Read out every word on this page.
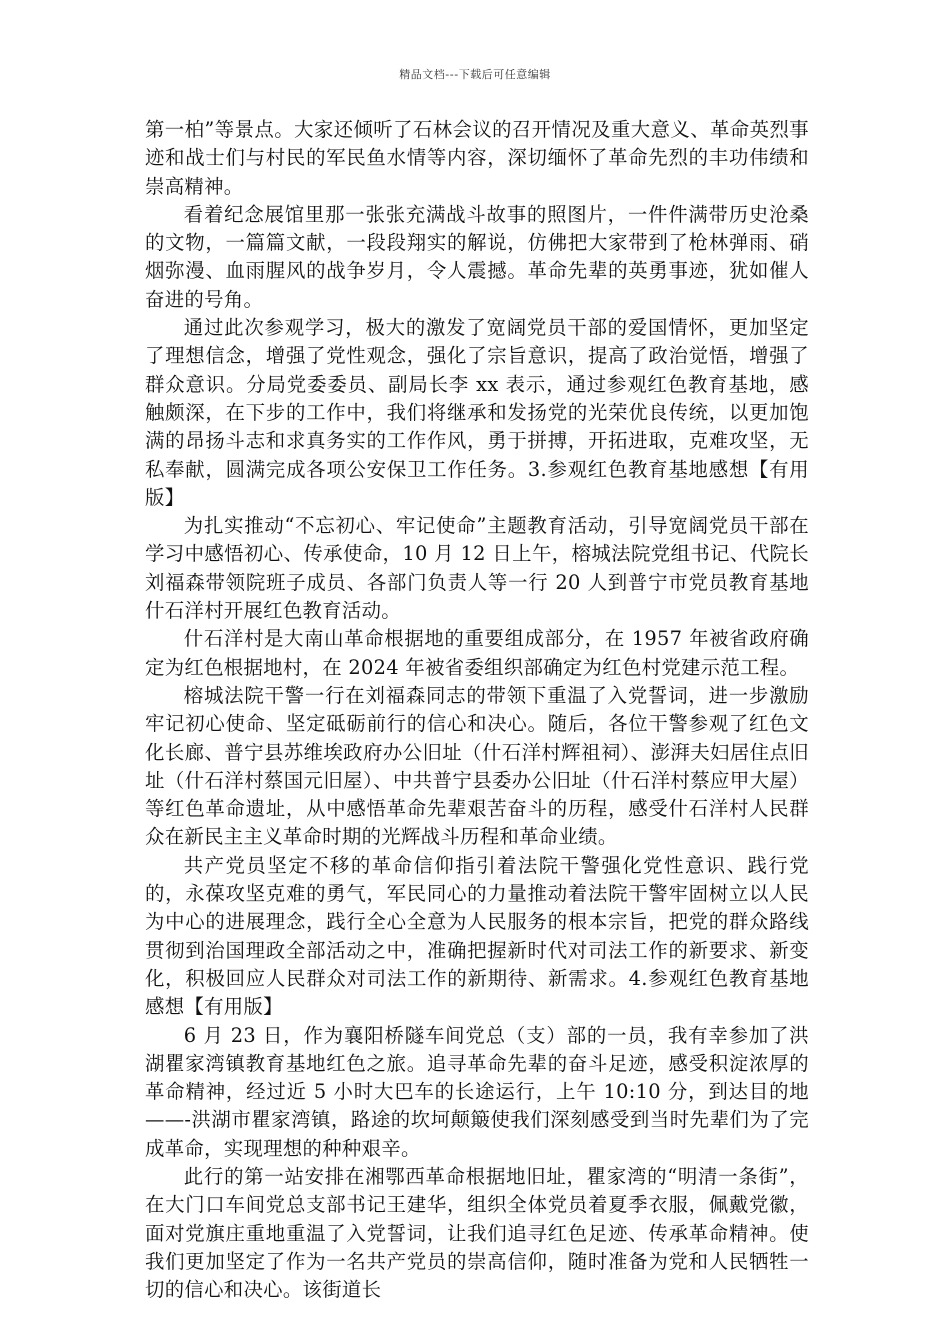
精品文档---下载后可任意编辑

第一柏”等景点。大家还倾听了石林会议的召开情况及重大意义、革命英烈事迹和战士们与村民的军民鱼水情等内容，深切缅怀了革命先烈的丰功伟绩和崇高精神。

看着纪念展馆里那一张张充满战斗故事的照图片，一件件满带历史沧桑的文物，一篇篇文献，一段段翔实的解说，仿佛把大家带到了枪林弹雨、硝烟弥漫、血雨腥风的战争岁月，令人震撼。革命先辈的英勇事迹，犹如催人奋进的号角。

通过此次参观学习，极大的激发了宽阔党员干部的爱国情怀，更加坚定了理想信念，增强了党性观念，强化了宗旨意识，提高了政治觉悟，增强了群众意识。分局党委委员、副局长李 xx 表示，通过参观红色教育基地，感触颇深，在下步的工作中，我们将继承和发扬党的光荣优良传统，以更加饱满的昂扬斗志和求真务实的工作作风，勇于拼搏，开拓进取，克难攻坚，无私奉献，圆满完成各项公安保卫工作任务。3.参观红色教育基地感想【有用版】

为扎实推动“不忘初心、牢记使命”主题教育活动，引导宽阔党员干部在学习中感悟初心、传承使命，10 月 12 日上午，榕城法院党组书记、代院长刘福森带领院班子成员、各部门负责人等一行 20 人到普宁市党员教育基地什石洋村开展红色教育活动。

什石洋村是大南山革命根据地的重要组成部分，在 1957 年被省政府确定为红色根据地村，在 2024 年被省委组织部确定为红色村党建示范工程。

榕城法院干警一行在刘福森同志的带领下重温了入党誓词，进一步激励牢记初心使命、坚定砥砺前行的信心和决心。随后，各位干警参观了红色文化长廊、普宁县苏维埃政府办公旧址（什石洋村辉祖祠）、澎湃夫妇居住点旧址（什石洋村蔡国元旧屋）、中共普宁县委办公旧址（什石洋村蔡应甲大屋）等红色革命遗址，从中感悟革命先辈艰苦奋斗的历程，感受什石洋村人民群众在新民主主义革命时期的光辉战斗历程和革命业绩。

共产党员坚定不移的革命信仰指引着法院干警强化党性意识、践行党的，永葆攻坚克难的勇气，军民同心的力量推动着法院干警牢固树立以人民为中心的进展理念，践行全心全意为人民服务的根本宗旨，把党的群众路线贯彻到治国理政全部活动之中，准确把握新时代对司法工作的新要求、新变化，积极回应人民群众对司法工作的新期待、新需求。4.参观红色教育基地感想【有用版】

6 月 23 日，作为襄阳桥隧车间党总（支）部的一员，我有幸参加了洪湖瞿家湾镇教育基地红色之旅。追寻革命先辈的奋斗足迹，感受积淀浓厚的革命精神，经过近 5 小时大巴车的长途运行，上午 10:10 分，到达目的地——-洪湖市瞿家湾镇，路途的坎坷颠簸使我们深刻感受到当时先辈们为了完成革命，实现理想的种种艰辛。

此行的第一站安排在湘鄂西革命根据地旧址，瞿家湾的“明清一条街”，在大门口车间党总支部书记王建华，组织全体党员着夏季衣服，佩戴党徽，面对党旗庄重地重温了入党誓词，让我们追寻红色足迹、传承革命精神。使我们更加坚定了作为一名共产党员的崇高信仰，随时准备为党和人民牺牲一切的信心和决心。该街道长
